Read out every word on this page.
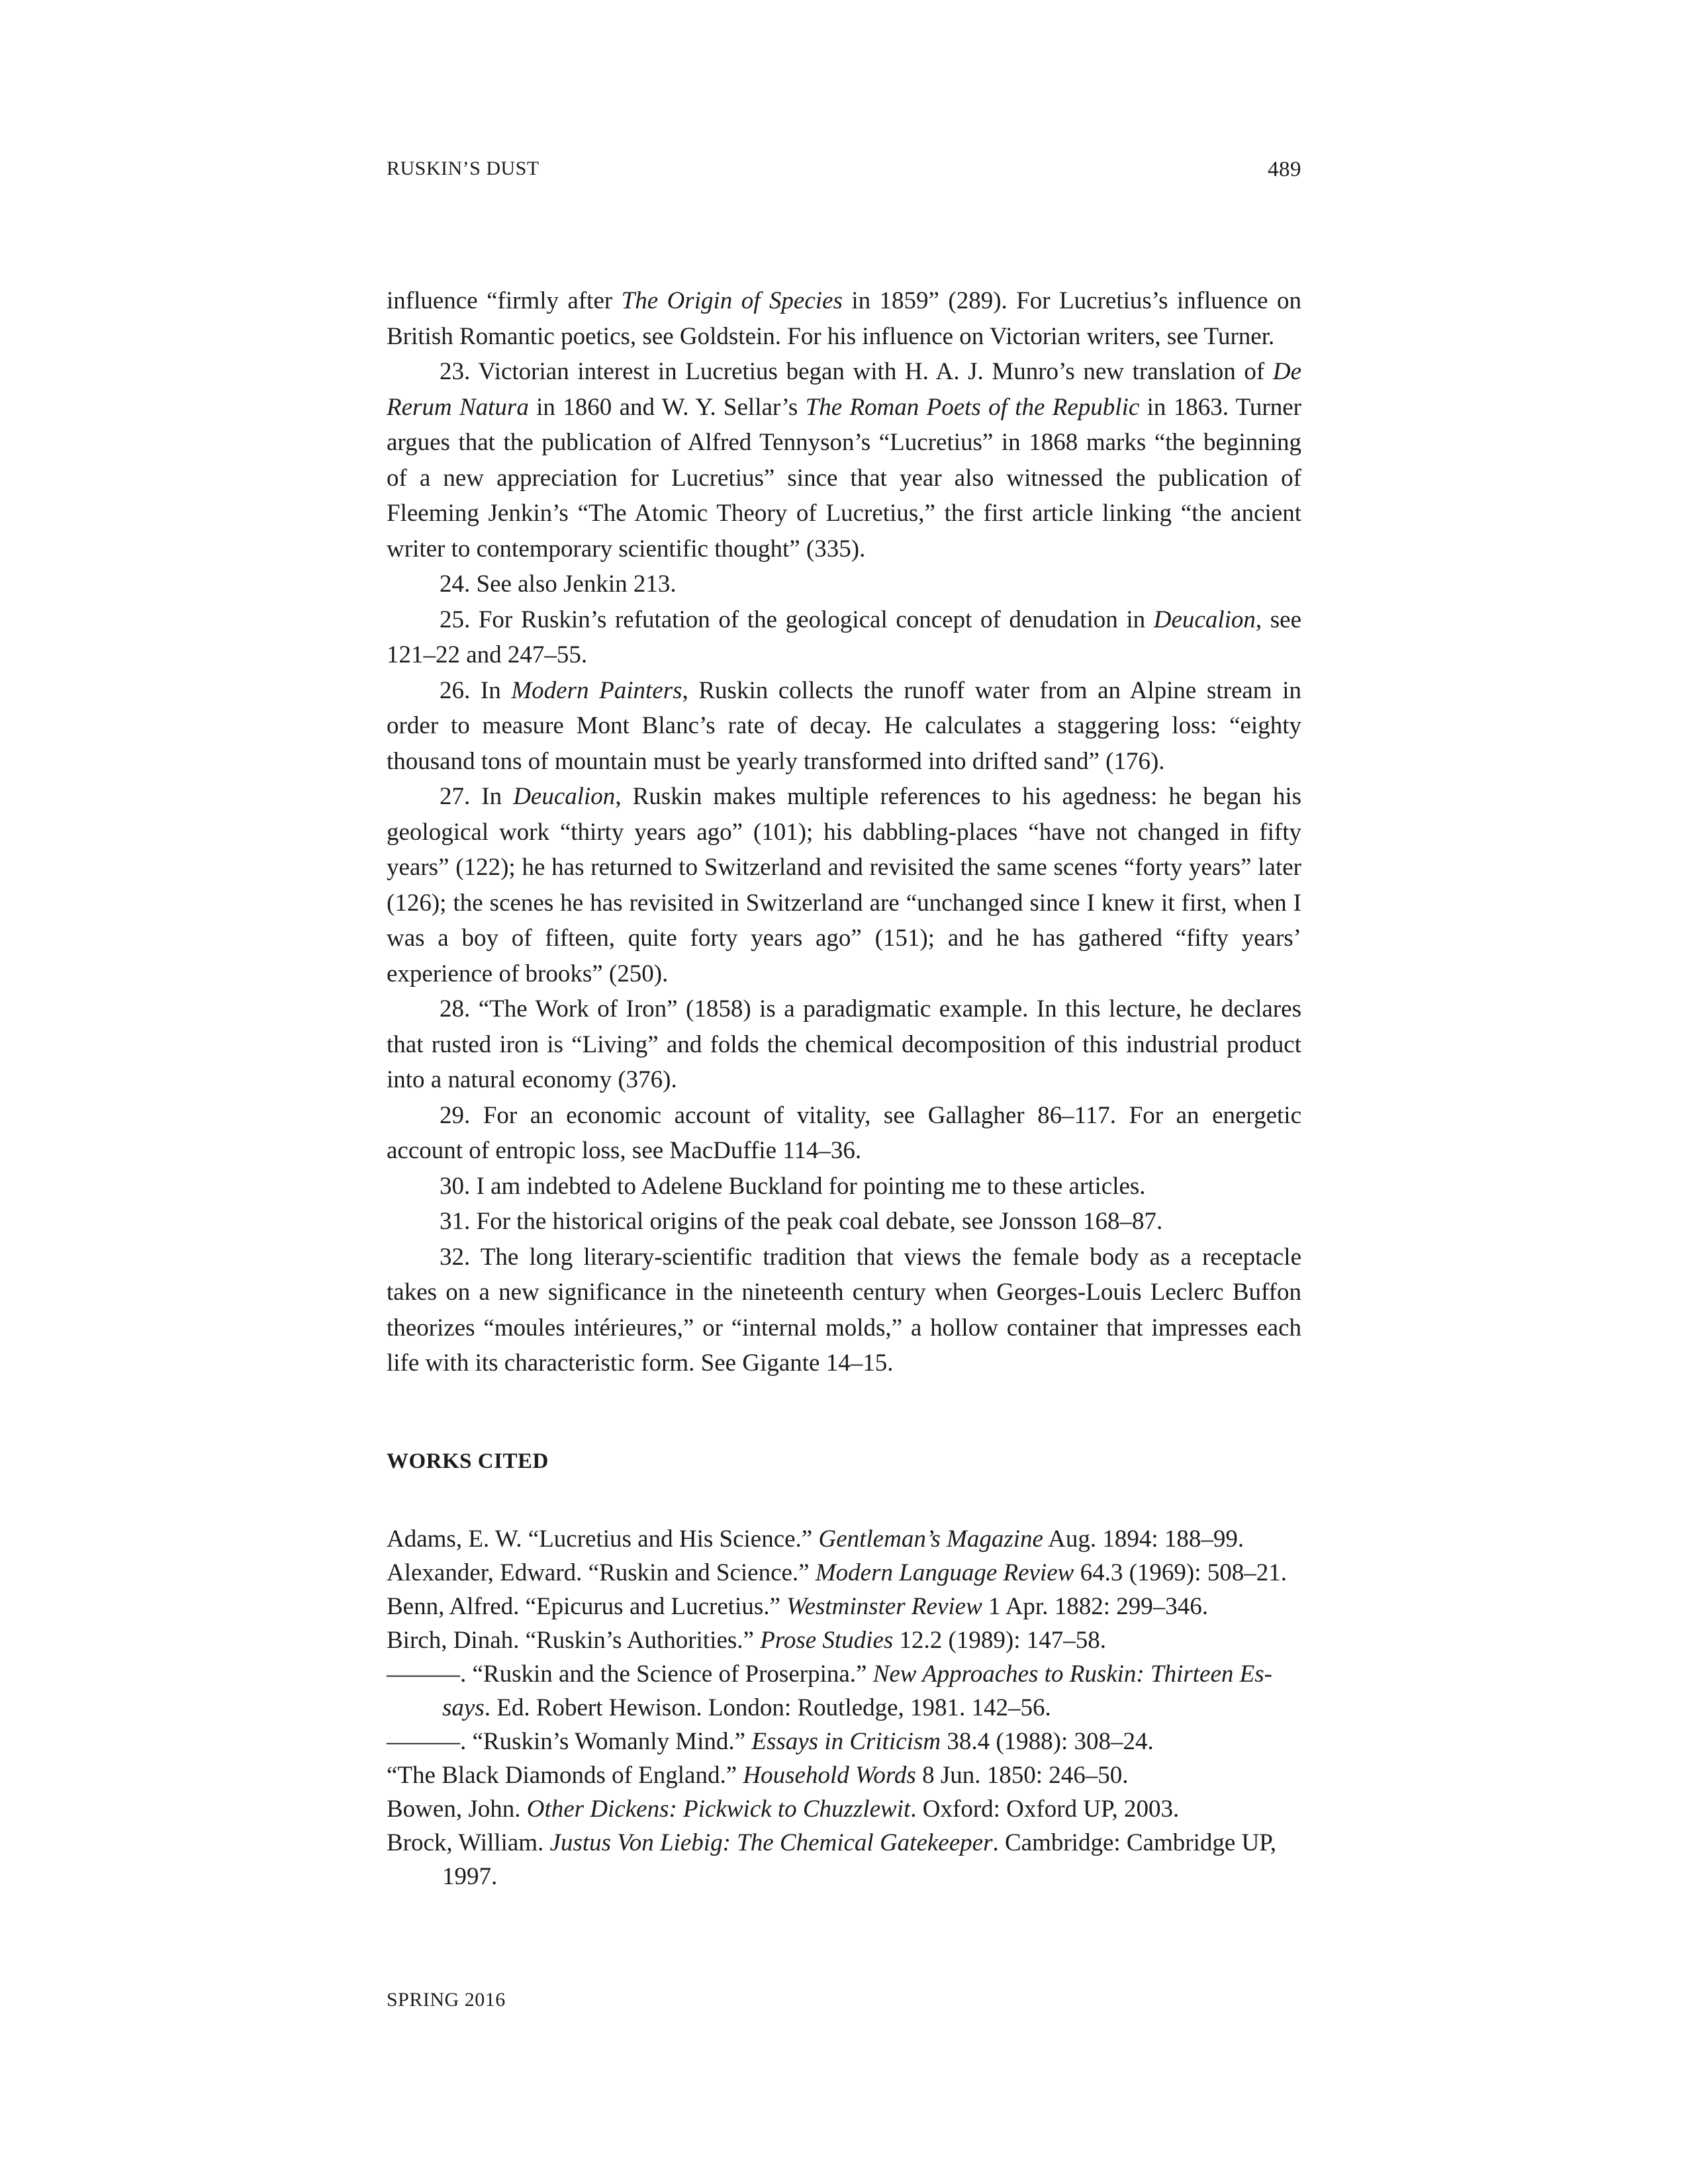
RUSKIN’S DUST	489

influence “firmly after The Origin of Species in 1859” (289). For Lucretius’s influence on British Romantic poetics, see Goldstein. For his influence on Victorian writers, see Turner.

23. Victorian interest in Lucretius began with H. A. J. Munro’s new translation of De Rerum Natura in 1860 and W. Y. Sellar’s The Roman Poets of the Republic in 1863. Turner argues that the publication of Alfred Tennyson’s “Lucretius” in 1868 marks “the beginning of a new appreciation for Lucretius” since that year also witnessed the publication of Fleeming Jenkin’s “The Atomic Theory of Lucretius,” the first article linking “the ancient writer to contemporary scientific thought” (335).

24. See also Jenkin 213.

25. For Ruskin’s refutation of the geological concept of denudation in Deucalion, see 121–22 and 247–55.

26. In Modern Painters, Ruskin collects the runoff water from an Alpine stream in order to measure Mont Blanc’s rate of decay. He calculates a staggering loss: “eighty thousand tons of mountain must be yearly transformed into drifted sand” (176).

27. In Deucalion, Ruskin makes multiple references to his agedness: he began his geological work “thirty years ago” (101); his dabbling-places “have not changed in fifty years” (122); he has returned to Switzerland and revisited the same scenes “forty years” later (126); the scenes he has revisited in Switzerland are “unchanged since I knew it first, when I was a boy of fifteen, quite forty years ago” (151); and he has gathered “fifty years’ experience of brooks” (250).

28. “The Work of Iron” (1858) is a paradigmatic example. In this lecture, he declares that rusted iron is “Living” and folds the chemical decomposition of this industrial product into a natural economy (376).

29. For an economic account of vitality, see Gallagher 86–117. For an energetic account of entropic loss, see MacDuffie 114–36.

30. I am indebted to Adelene Buckland for pointing me to these articles.

31. For the historical origins of the peak coal debate, see Jonsson 168–87.

32. The long literary-scientific tradition that views the female body as a receptacle takes on a new significance in the nineteenth century when Georges-Louis Leclerc Buffon theorizes “moules intérieures,” or “internal molds,” a hollow container that impresses each life with its characteristic form. See Gigante 14–15.

WORKS CITED
Adams, E. W. “Lucretius and His Science.” Gentleman’s Magazine Aug. 1894: 188–99.
Alexander, Edward. “Ruskin and Science.” Modern Language Review 64.3 (1969): 508–21.
Benn, Alfred. “Epicurus and Lucretius.” Westminster Review 1 Apr. 1882: 299–346.
Birch, Dinah. “Ruskin’s Authorities.” Prose Studies 12.2 (1989): 147–58.
———. “Ruskin and the Science of Proserpina.” New Approaches to Ruskin: Thirteen Essays. Ed. Robert Hewison. London: Routledge, 1981. 142–56.
———. “Ruskin’s Womanly Mind.” Essays in Criticism 38.4 (1988): 308–24.
“The Black Diamonds of England.” Household Words 8 Jun. 1850: 246–50.
Bowen, John. Other Dickens: Pickwick to Chuzzlewit. Oxford: Oxford UP, 2003.
Brock, William. Justus Von Liebig: The Chemical Gatekeeper. Cambridge: Cambridge UP, 1997.
SPRING 2016
